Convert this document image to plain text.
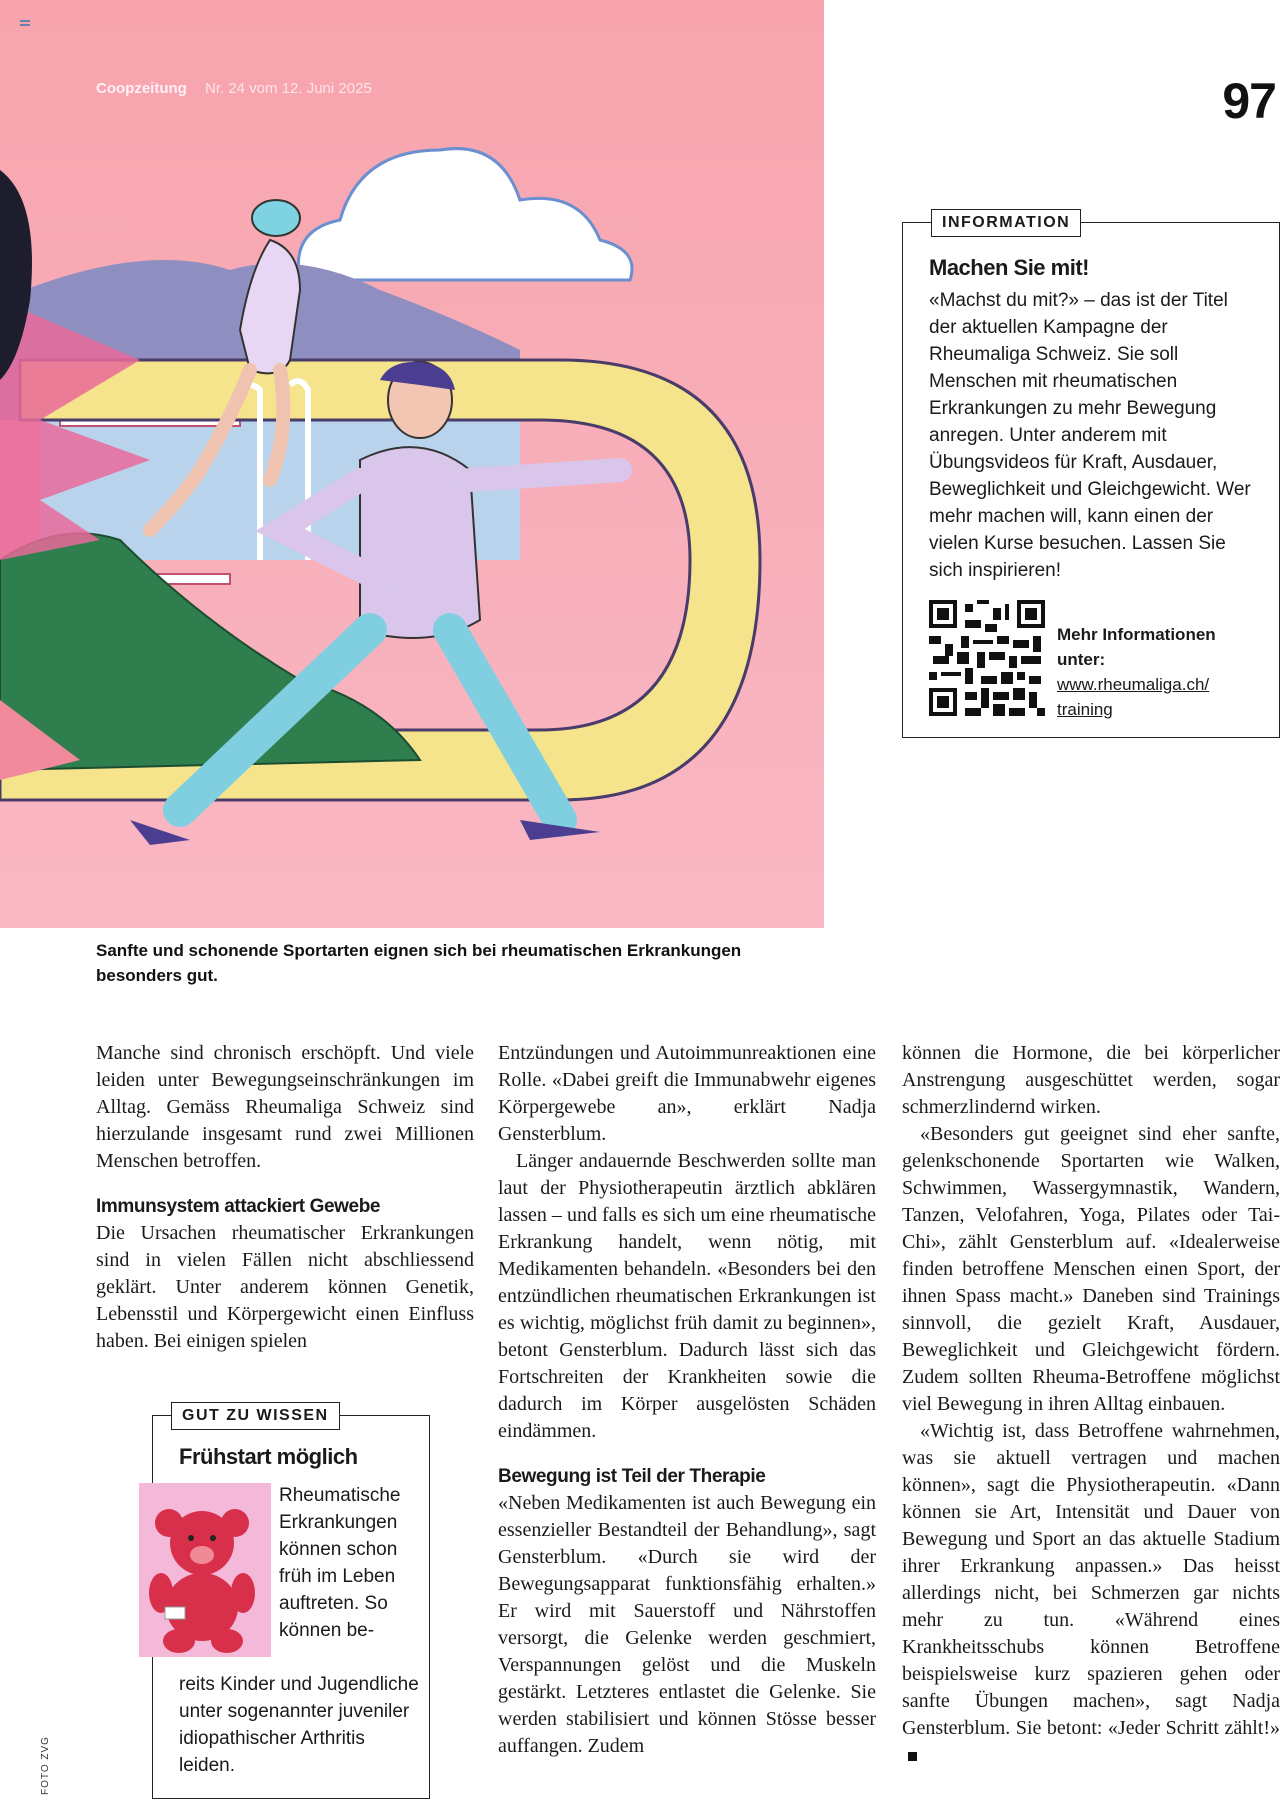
Coopzeitung Nr. 24 vom 12. Juni 2025	97
Sanfte und schonende Sportarten eignen sich bei rheumatischen Erkrankungen besonders gut.
INFORMATION
Machen Sie mit!
«Machst du mit?» – das ist der Titel der aktuellen Kampagne der Rheumaliga Schweiz. Sie soll Menschen mit rheumatischen Erkrankungen zu mehr Bewegung anregen. Unter anderem mit Übungsvideos für Kraft, Ausdauer, Beweglichkeit und Gleichgewicht. Wer mehr machen will, kann einen der vielen Kurse besuchen. Lassen Sie sich inspirieren!
Mehr Informationen unter:
www.rheumaliga.ch/ training

Manche sind chronisch erschöpft. Und viele leiden unter Bewegungseinschränkungen im Alltag. Gemäss Rheumaliga Schweiz sind hierzulande insgesamt rund zwei Millionen Menschen betroffen.

Immunsystem attackiert Gewebe

Die Ursachen rheumatischer Erkrankungen sind in vielen Fällen nicht abschliessend geklärt. Unter anderem können Genetik, Lebensstil und Körpergewicht einen Einfluss haben. Bei einigen spielen

GUT ZU WISSEN
Frühstart möglich
Rheumatische Erkrankungen können schon früh im Leben auftreten. So können be-
reits Kinder und Jugendliche unter sogenannter juveniler idiopathischer Arthritis leiden.

Entzündungen und Autoimmunreaktionen eine Rolle. «Dabei greift die Immunabwehr eigenes Körpergewebe an», erklärt Nadja Gensterblum.

Länger andauernde Beschwerden sollte man laut der Physiotherapeutin ärztlich abklären lassen – und falls es sich um eine rheumatische Erkrankung handelt, wenn nötig, mit Medikamenten behandeln. «Besonders bei den entzündlichen rheumatischen Erkrankungen ist es wichtig, möglichst früh damit zu beginnen», betont Gensterblum. Dadurch lässt sich das Fortschreiten der Krankheiten sowie die dadurch im Körper ausgelösten Schäden eindämmen.

Bewegung ist Teil der Therapie

«Neben Medikamenten ist auch Bewegung ein essenzieller Bestandteil der Behandlung», sagt Gensterblum. «Durch sie wird der Bewegungsapparat funktionsfähig erhalten.» Er wird mit Sauerstoff und Nährstoffen versorgt, die Gelenke werden geschmiert, Verspannungen gelöst und die Muskeln gestärkt. Letzteres entlastet die Gelenke. Sie werden stabilisiert und können Stösse besser auffangen. Zudem

können die Hormone, die bei körperlicher Anstrengung ausgeschüttet werden, sogar schmerzlindernd wirken.

«Besonders gut geeignet sind eher sanfte, gelenkschonende Sportarten wie Walken, Schwimmen, Wassergymnastik, Wandern, Tanzen, Velofahren, Yoga, Pilates oder Tai-Chi», zählt Gensterblum auf. «Idealerweise finden betroffene Menschen einen Sport, der ihnen Spass macht.» Daneben sind Trainings sinnvoll, die gezielt Kraft, Ausdauer, Beweglichkeit und Gleichgewicht fördern. Zudem sollten Rheuma-Betroffene möglichst viel Bewegung in ihren Alltag einbauen.

«Wichtig ist, dass Betroffene wahrnehmen, was sie aktuell vertragen und machen können», sagt die Physiotherapeutin. «Dann können sie Art, Intensität und Dauer von Bewegung und Sport an das aktuelle Stadium ihrer Erkrankung anpassen.» Das heisst allerdings nicht, bei Schmerzen gar nichts mehr zu tun. «Während eines Krankheitsschubs können Betroffene beispielsweise kurz spazieren gehen oder sanfte Übungen machen», sagt Nadja Gensterblum. Sie betont: «Jeder Schritt zählt!»

FOTO ZVG
